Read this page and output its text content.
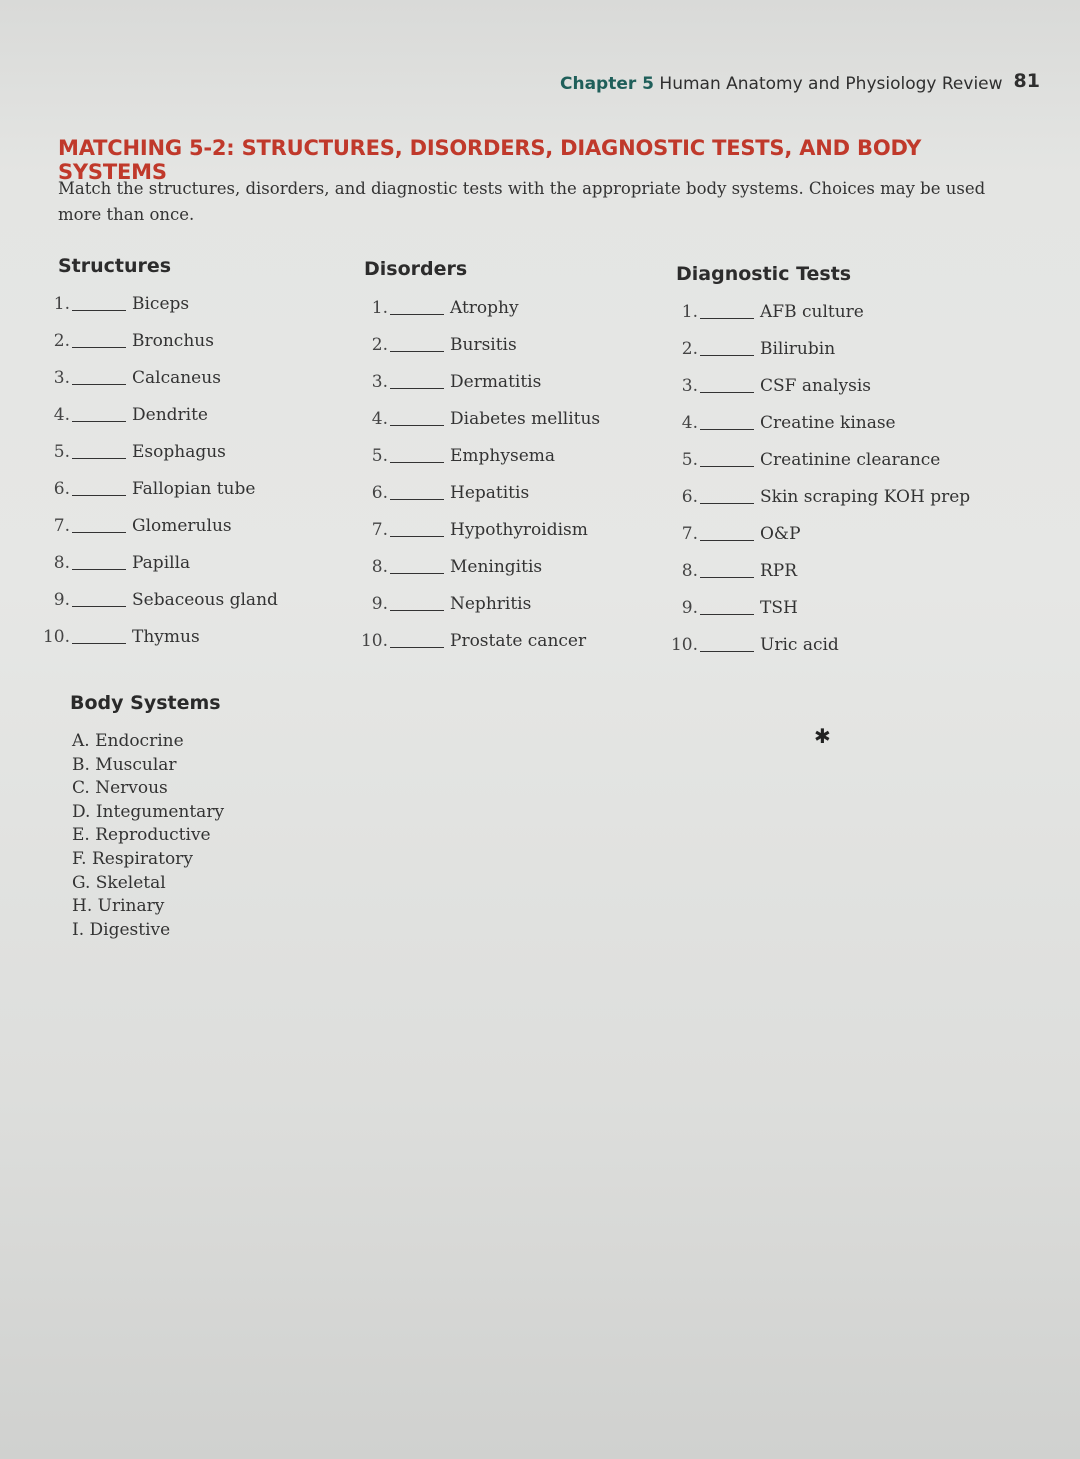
Chapter 5 Human Anatomy and Physiology Review 81
MATCHING 5-2: STRUCTURES, DISORDERS, DIAGNOSTIC TESTS, AND BODY SYSTEMS
Match the structures, disorders, and diagnostic tests with the appropriate body systems. Choices may be used more than once.
Structures
1.	Biceps
2.	Bronchus
3.	Calcaneus
4.	Dendrite
5.	Esophagus
6.	Fallopian tube
7.	Glomerulus
8.	Papilla
9.	Sebaceous gland
10.	Thymus
Disorders
1.	Atrophy
2.	Bursitis
3.	Dermatitis
4.	Diabetes mellitus
5.	Emphysema
6.	Hepatitis
7.	Hypothyroidism
8.	Meningitis
9.	Nephritis
10.	Prostate cancer
Diagnostic Tests
1.	AFB culture
2.	Bilirubin
3.	CSF analysis
4.	Creatine kinase
5.	Creatinine clearance
6.	Skin scraping KOH prep
7.	O&P
8.	RPR
9.	TSH
10.	Uric acid
Body Systems
A. Endocrine
B. Muscular
C. Nervous
D. Integumentary
E. Reproductive
F. Respiratory
G. Skeletal
H. Urinary
I. Digestive
✱
